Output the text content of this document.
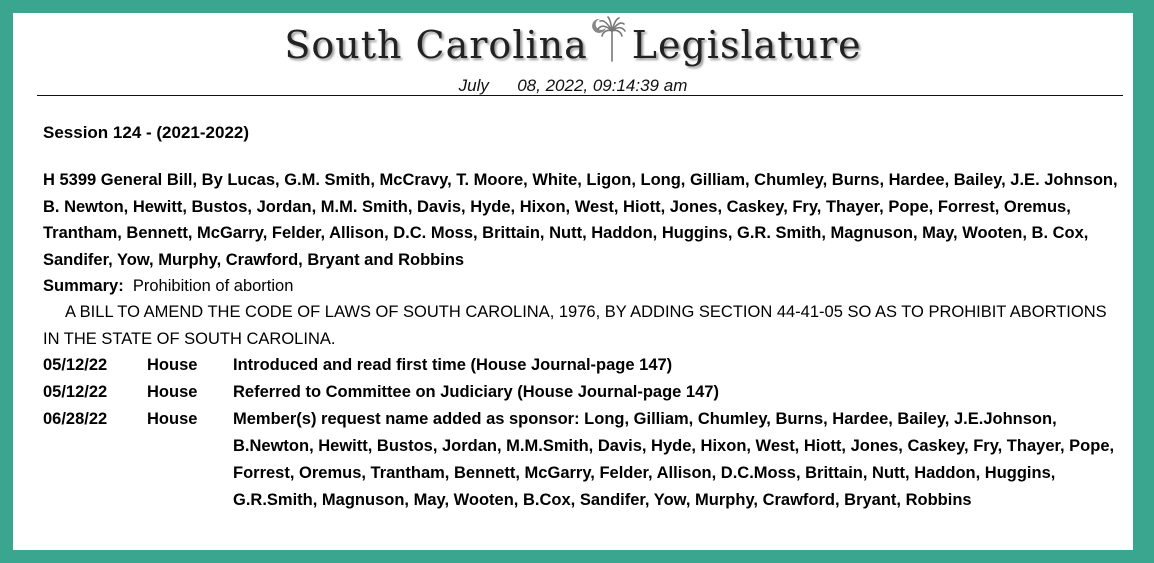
South Carolina Legislature
July 08, 2022, 09:14:39 am
Session 124 - (2021-2022)

H 5399 General Bill, By Lucas, G.M. Smith, McCravy, T. Moore, White, Ligon, Long, Gilliam, Chumley, Burns, Hardee, Bailey, J.E. Johnson, B. Newton, Hewitt, Bustos, Jordan, M.M. Smith, Davis, Hyde, Hixon, West, Hiott, Jones, Caskey, Fry, Thayer, Pope, Forrest, Oremus, Trantham, Bennett, McGarry, Felder, Allison, D.C. Moss, Brittain, Nutt, Haddon, Huggins, G.R. Smith, Magnuson, May, Wooten, B. Cox, Sandifer, Yow, Murphy, Crawford, Bryant and Robbins

Summary: Prohibition of abortion

A BILL TO AMEND THE CODE OF LAWS OF SOUTH CAROLINA, 1976, BY ADDING SECTION 44-41-05 SO AS TO PROHIBIT ABORTIONS IN THE STATE OF SOUTH CAROLINA.

05/12/22	House	Introduced and read first time (House Journal-page 147)
05/12/22	House	Referred to Committee on Judiciary (House Journal-page 147)
06/28/22	House	Member(s) request name added as sponsor: Long, Gilliam, Chumley, Burns, Hardee, Bailey, J.E.Johnson, B.Newton, Hewitt, Bustos, Jordan, M.M.Smith, Davis, Hyde, Hixon, West, Hiott, Jones, Caskey, Fry, Thayer, Pope, Forrest, Oremus, Trantham, Bennett, McGarry, Felder, Allison, D.C.Moss, Brittain, Nutt, Haddon, Huggins, G.R.Smith, Magnuson, May, Wooten, B.Cox, Sandifer, Yow, Murphy, Crawford, Bryant, Robbins
